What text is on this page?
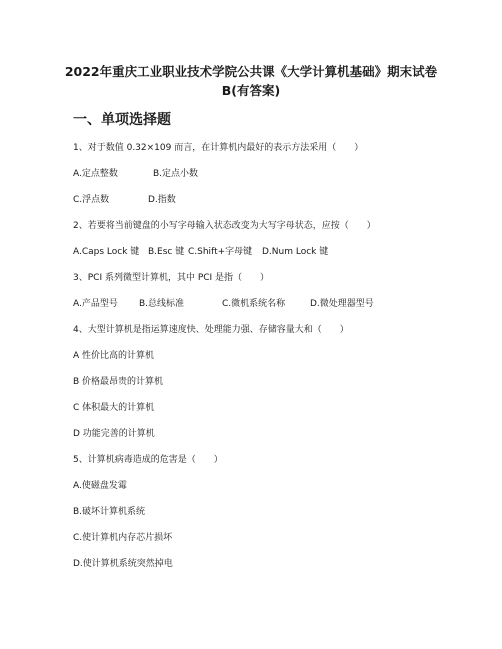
2022年重庆工业职业技术学院公共课《大学计算机基础》期末试卷
B(有答案)
一、单项选择题
1、对于数值 0.32×109 而言，在计算机内最好的表示方法采用（　　）
A.定点整数	B.定点小数
C.浮点数	D.指数
2、若要将当前键盘的小写字母输入状态改变为大写字母状态，应按（　　）
A.Caps Lock 键 B.Esc 键 C.Shift+字母键 D.Num Lock 键
3、PCI 系列微型计算机，其中 PCI 是指（　　）
A.产品型号 B.总线标准	C.微机系统名称	D.微处理器型号
4、大型计算机是指运算速度快、处理能力强、存储容量大和（　　）
A 性价比高的计算机
B 价格最昂贵的计算机
C 体积最大的计算机
D 功能完善的计算机
5、计算机病毒造成的危害是（　　）
A.使磁盘发霉
B.破坏计算机系统
C.使计算机内存芯片损坏
D.使计算机系统突然掉电
